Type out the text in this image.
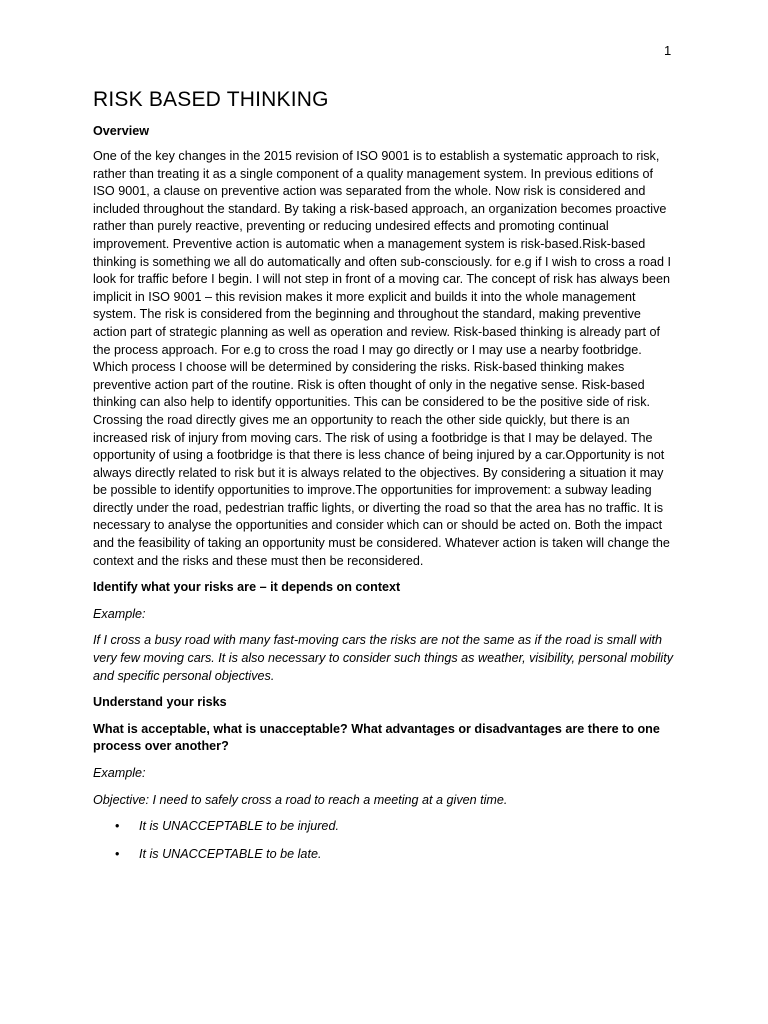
1
RISK BASED THINKING
Overview

One of the key changes in the 2015 revision of ISO 9001 is to establish a systematic approach to risk, rather than treating it as a single component of a quality management system. In previous editions of ISO 9001, a clause on preventive action was separated from the whole. Now risk is considered and included throughout the standard. By taking a risk-based approach, an organization becomes proactive rather than purely reactive, preventing or reducing undesired effects and promoting continual improvement. Preventive action is automatic when a management system is risk-based.Risk-based thinking is something we all do automatically and often sub-consciously. for e.g if I wish to cross a road I look for traffic before I begin. I will not step in front of a moving car. The concept of risk has always been implicit in ISO 9001 – this revision makes it more explicit and builds it into the whole management system. The risk is considered from the beginning and throughout the standard, making preventive action part of strategic planning as well as operation and review. Risk-based thinking is already part of the process approach. For e.g to cross the road I may go directly or I may use a nearby footbridge. Which process I choose will be determined by considering the risks. Risk-based thinking makes preventive action part of the routine. Risk is often thought of only in the negative sense. Risk-based thinking can also help to identify opportunities. This can be considered to be the positive side of risk. Crossing the road directly gives me an opportunity to reach the other side quickly, but there is an increased risk of injury from moving cars. The risk of using a footbridge is that I may be delayed. The opportunity of using a footbridge is that there is less chance of being injured by a car.Opportunity is not always directly related to risk but it is always related to the objectives. By considering a situation it may be possible to identify opportunities to improve.The opportunities for improvement: a subway leading directly under the road, pedestrian traffic lights, or diverting the road so that the area has no traffic. It is necessary to analyse the opportunities and consider which can or should be acted on. Both the impact and the feasibility of taking an opportunity must be considered. Whatever action is taken will change the context and the risks and these must then be reconsidered.

Identify what your risks are – it depends on context

Example:

If I cross a busy road with many fast-moving cars the risks are not the same as if the road is small with very few moving cars. It is also necessary to consider such things as weather, visibility, personal mobility and specific personal objectives.

Understand your risks

What is acceptable, what is unacceptable? What advantages or disadvantages are there to one process over another?

Example:

Objective: I need to safely cross a road to reach a meeting at a given time.

• It is UNACCEPTABLE to be injured.
• It is UNACCEPTABLE to be late.
